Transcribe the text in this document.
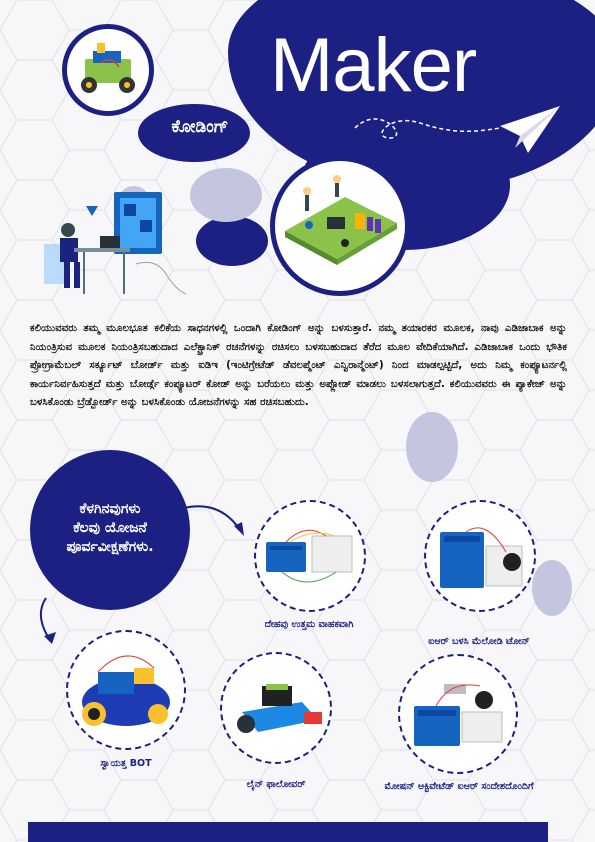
Maker
ಕೋಡಿಂಗ್
ಕಲಿಯುವವರು ತಮ್ಮ ಮೂಲಭೂತ ಕಲಿಕೆಯ ಸಾಧನಗಳಲ್ಲಿ ಒಂದಾಗಿ ಕೋಡಿಂಗ್ ಅನ್ನು ಬಳಸುತ್ತಾರೆ. ನಮ್ಮ ತಯಾರಕರ ಮೂಲಕ, ನಾವು ಎಡಿಜಾಬಾಕ ಅನ್ನು ನಿಯಂತ್ರಿಸುವ ಮೂಲಕ ನಿಯಂತ್ರಿಸಬಹುದಾದ ಎಲೆಕ್ಟ್ರಾನಿಕ್ ರಚನೆಗಳನ್ನು ರಚಿಸಲು ಬಳಸಬಹುದಾದ ತೆರೆದ ಮೂಲ ವೇದಿಕೆಯಾಗಿದೆ. ಎಡಿಜಾಬಾಕ ಒಂದು ಭೌತಿಕ ಪ್ರೋಗ್ರಾಮೆಬಲ್ ಸರ್ಕ್ಯೂಟ್ ಬೋರ್ಡ್ ಮತ್ತು ಐಡಿಇ (ಇಂಟಿಗ್ರೇಟೆಡ್ ಡೆವಲಪ್ಮೆಂಟ್ ಎನ್ವಿರಾನ್ಮೆಂಟ್) ನಿಂದ ಮಾಡಲ್ಪಟ್ಟಿದೆ, ಅದು ನಿಮ್ಮ ಕಂಪ್ಯೂಟರ್ನಲ್ಲಿ ಕಾರ್ಯನಿರ್ವಹಿಸುತ್ತದೆ ಮತ್ತು ಬೋರ್ಡ್ಗೆ ಕಂಪ್ಯೂಟರ್ ಕೋಡ್ ಅನ್ನು ಬರೆಯಲು ಮತ್ತು ಅಪ್ಲೋಡ್ ಮಾಡಲು ಬಳಸಲಾಗುತ್ತದೆ. ಕಲಿಯುವವರು ಈ ಪ್ಯಾಕೇಜ್ ಅನ್ನು ಬಳಸಿಕೊಂಡು ಬ್ರೆಡ್ಬೋರ್ಡ್ ಅನ್ನು ಬಳಸಿಕೊಂಡು ಯೋಜನೆಗಳನ್ನು ಸಹ ರಚಿಸಬಹುದು.
ಕೆಳಗಿನವುಗಳು
ಕೆಲವು ಯೋಜನೆ
ಪೂರ್ವವೀಕ್ಷಣೆಗಳು.
ದೇಹವು ಉತ್ತಮ ವಾಹಕವಾಗಿ
ಐಆರ್ ಬಳಸಿ ಮೆಲೋಡಿ ಟೋನ್
ಸ್ವಾಯತ್ತ BOT
ಲೈನ್ ಫಾಲೋವರ್	ಮೋಷನ್ ಆಕ್ಟಿವೇಟೆಡ್ ಐಆರ್ ಸಂದೇಶದೊಂದಿಗೆ
